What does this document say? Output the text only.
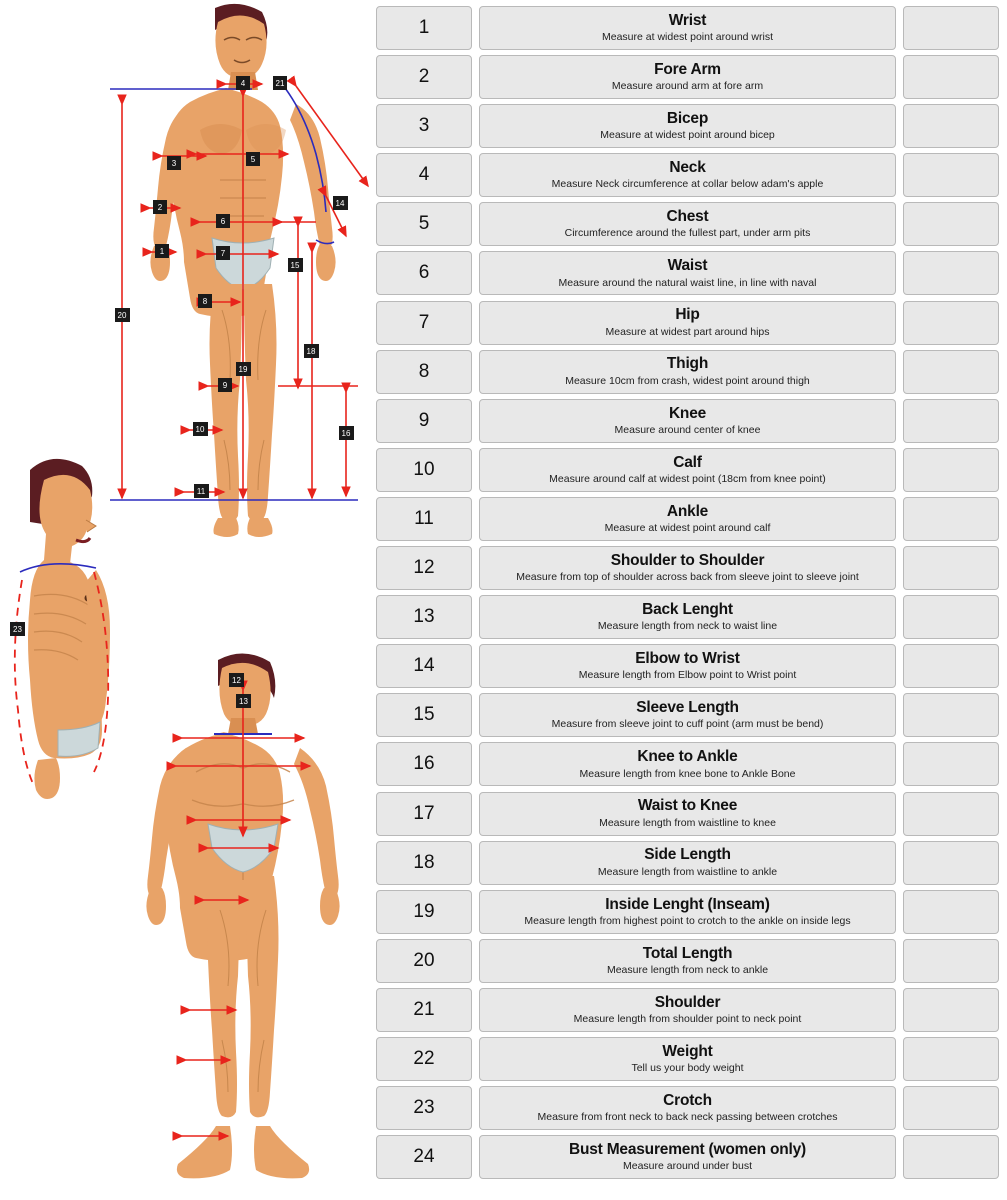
1
2
3
4
5
6
7
8
9
10
11
14
15
16
18
19
20
21
23
12
13
1	Wrist
Measure at widest point around wrist
2	Fore Arm
Measure around arm at fore arm
3	Bicep
Measure at widest point around bicep
4	Neck
Measure Neck circumference at collar below adam's apple
5	Chest
Circumference around the fullest part, under arm pits
6	Waist
Measure around the natural waist line, in line with naval
7	Hip
Measure at widest part around hips
8	Thigh
Measure 10cm from crash, widest point around thigh
9	Knee
Measure around center of knee
10	Calf
Measure around calf at widest point (18cm from knee point)
11	Ankle
Measure at widest point around calf
12	Shoulder to Shoulder
Measure from top of shoulder across back from sleeve joint to sleeve joint
13	Back Lenght
Measure length from neck to waist line
14	Elbow to Wrist
Measure length from Elbow point to Wrist point
15	Sleeve Length
Measure from sleeve joint to cuff point (arm must be bend)
16	Knee to Ankle
Measure length from knee bone to Ankle Bone
17	Waist to Knee
Measure length from waistline to knee
18	Side Length
Measure length from waistline to ankle
19	Inside Lenght (Inseam)
Measure length from highest point to crotch to the ankle on inside legs
20	Total Length
Measure length from neck to ankle
21	Shoulder
Measure length from shoulder point to neck point
22	Weight
Tell us your body weight
23	Crotch
Measure from front neck to back neck passing between crotches
24	Bust Measurement (women only)
Measure around under bust
